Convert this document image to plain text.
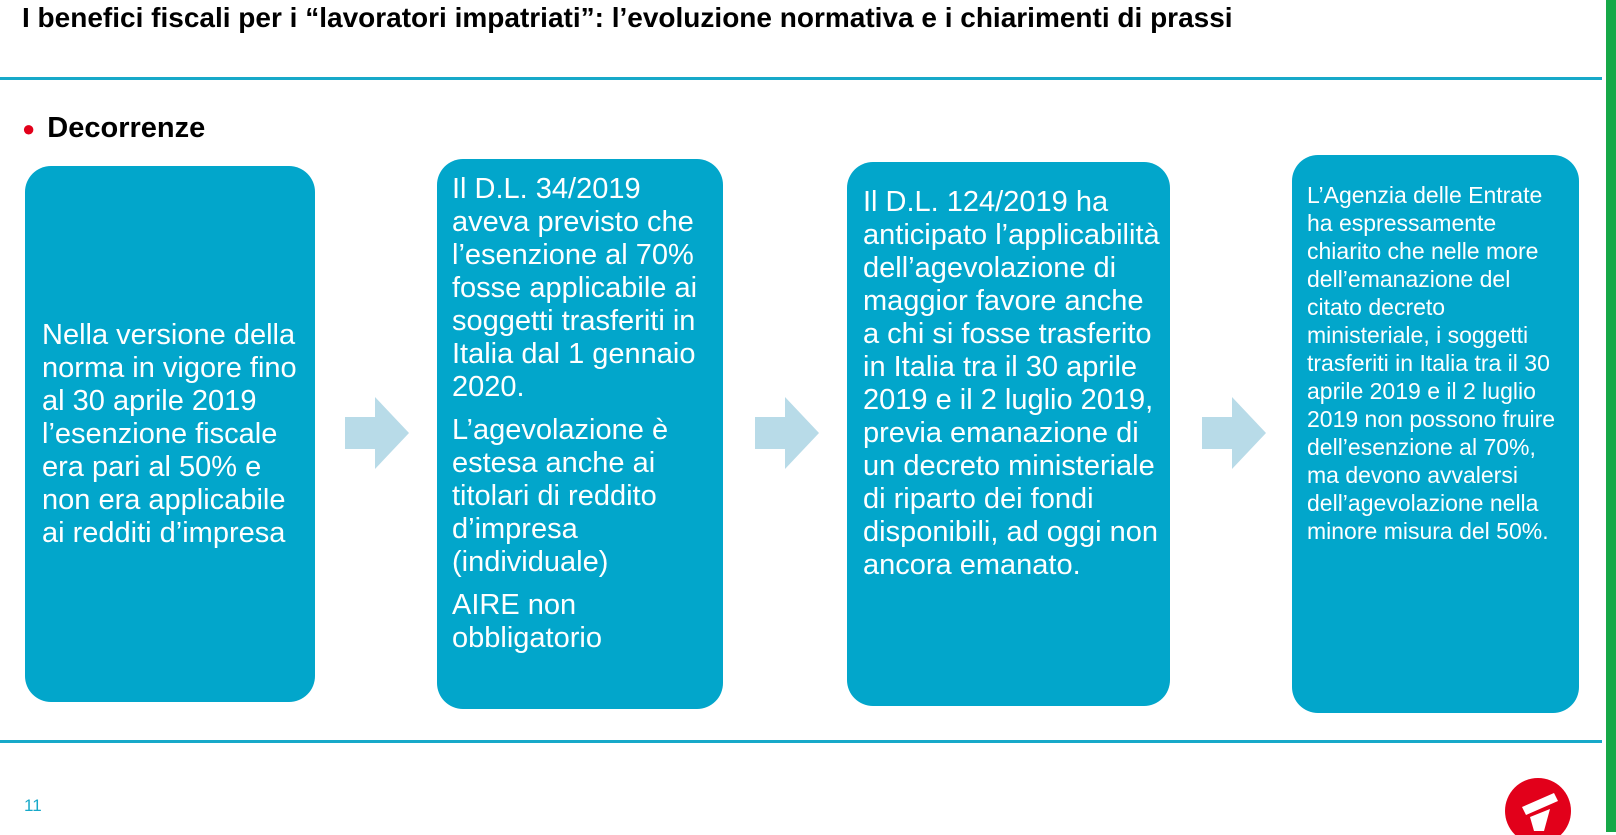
I benefici fiscali per i “lavoratori impatriati”: l’evoluzione normativa e i chiarimenti di prassi
● Decorrenze

Nella versione della norma in vigore fino al 30 aprile 2019 l’esenzione fiscale era pari al 50% e non era applicabile ai redditi d’impresa

Il D.L. 34/2019 aveva previsto che l’esenzione al 70% fosse applicabile ai soggetti trasferiti in Italia dal 1 gennaio 2020.

L’agevolazione è estesa anche ai titolari di reddito d’impresa (individuale)

AIRE non obbligatorio

Il D.L. 124/2019 ha anticipato l’applicabilità dell’agevolazione di maggior favore anche a chi si fosse trasferito in Italia tra il 30 aprile 2019 e il 2 luglio 2019, previa emanazione di un decreto ministeriale di riparto dei fondi disponibili, ad oggi non ancora emanato.

L’Agenzia delle Entrate ha espressamente chiarito che nelle more dell’emanazione del citato decreto ministeriale, i soggetti trasferiti in Italia tra il 30 aprile 2019 e il 2 luglio 2019 non possono fruire dell’esenzione al 70%, ma devono avvalersi dell’agevolazione nella minore misura del 50%.

11
